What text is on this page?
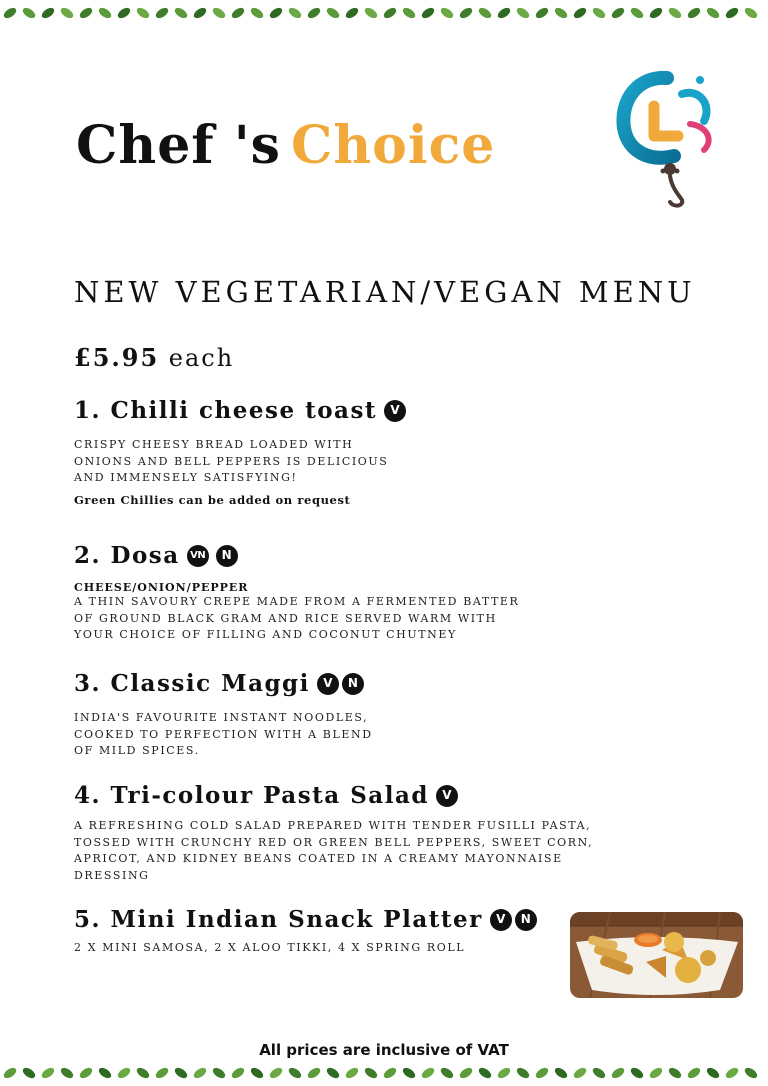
Chef 's Choice
NEW VEGETARIAN/VEGAN MENU
£5.95 each
1. Chilli cheese toast	V
CRISPY CHEESY BREAD LOADED WITH
ONIONS AND BELL PEPPERS IS DELICIOUS
AND IMMENSELY SATISFYING!
Green Chillies can be added on request
2. Dosa	VN	N
CHEESE/ONION/PEPPER
A THIN SAVOURY CREPE MADE FROM A FERMENTED BATTER
OF GROUND BLACK GRAM AND RICE SERVED WARM WITH
YOUR CHOICE OF FILLING AND COCONUT CHUTNEY
3. Classic Maggi	V	N
INDIA'S FAVOURITE INSTANT NOODLES,
COOKED TO PERFECTION WITH A BLEND
OF MILD SPICES.
4. Tri-colour Pasta Salad	V
A REFRESHING COLD SALAD PREPARED WITH TENDER FUSILLI PASTA,
TOSSED WITH CRUNCHY RED OR GREEN BELL PEPPERS, SWEET CORN,
APRICOT, AND KIDNEY BEANS COATED IN A CREAMY MAYONNAISE
DRESSING
5. Mini Indian Snack Platter	V	N
2 X MINI SAMOSA, 2 X ALOO TIKKI, 4 X SPRING ROLL
All prices are inclusive of VAT
